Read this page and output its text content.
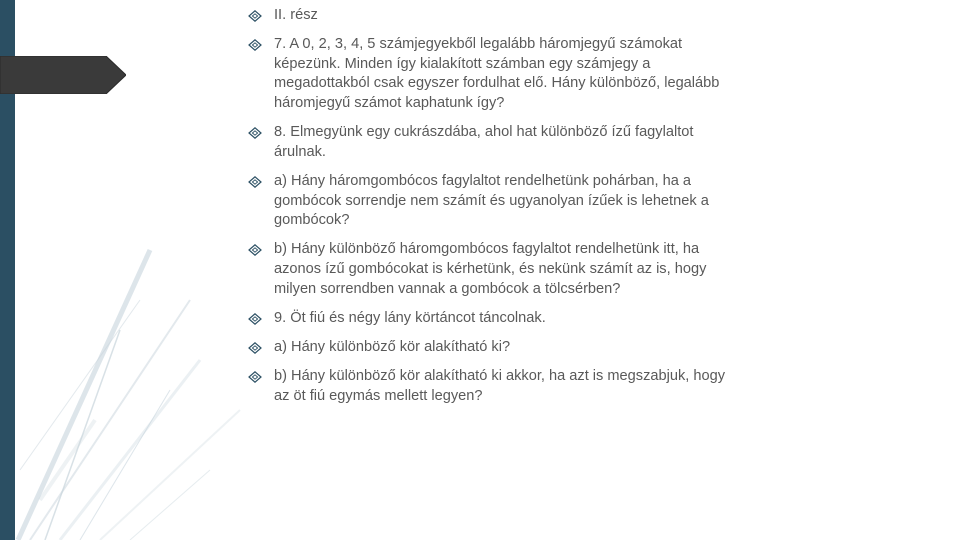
II. rész
7. A 0, 2, 3, 4, 5 számjegyekből legalább háromjegyű számokat képezünk. Minden így kialakított számban egy számjegy a megadottakból csak egyszer fordulhat elő. Hány különböző, legalább háromjegyű számot kaphatunk így?
8. Elmegyünk egy cukrászdába, ahol hat különböző ízű fagylaltot árulnak.
a) Hány háromgombócos fagylaltot rendelhetünk pohárban, ha a gombócok sorrendje nem számít és ugyanolyan ízűek is lehetnek a gombócok?
b) Hány különböző háromgombócos fagylaltot rendelhetünk itt, ha azonos ízű gombócokat is kérhetünk, és nekünk számít az is, hogy milyen sorrendben vannak a gombócok a tölcsérben?
9. Öt fiú és négy lány körtáncot táncolnak.
a) Hány különböző kör alakítható ki?
b) Hány különböző kör alakítható ki akkor, ha azt is megszabjuk, hogy az öt fiú egymás mellett legyen?
